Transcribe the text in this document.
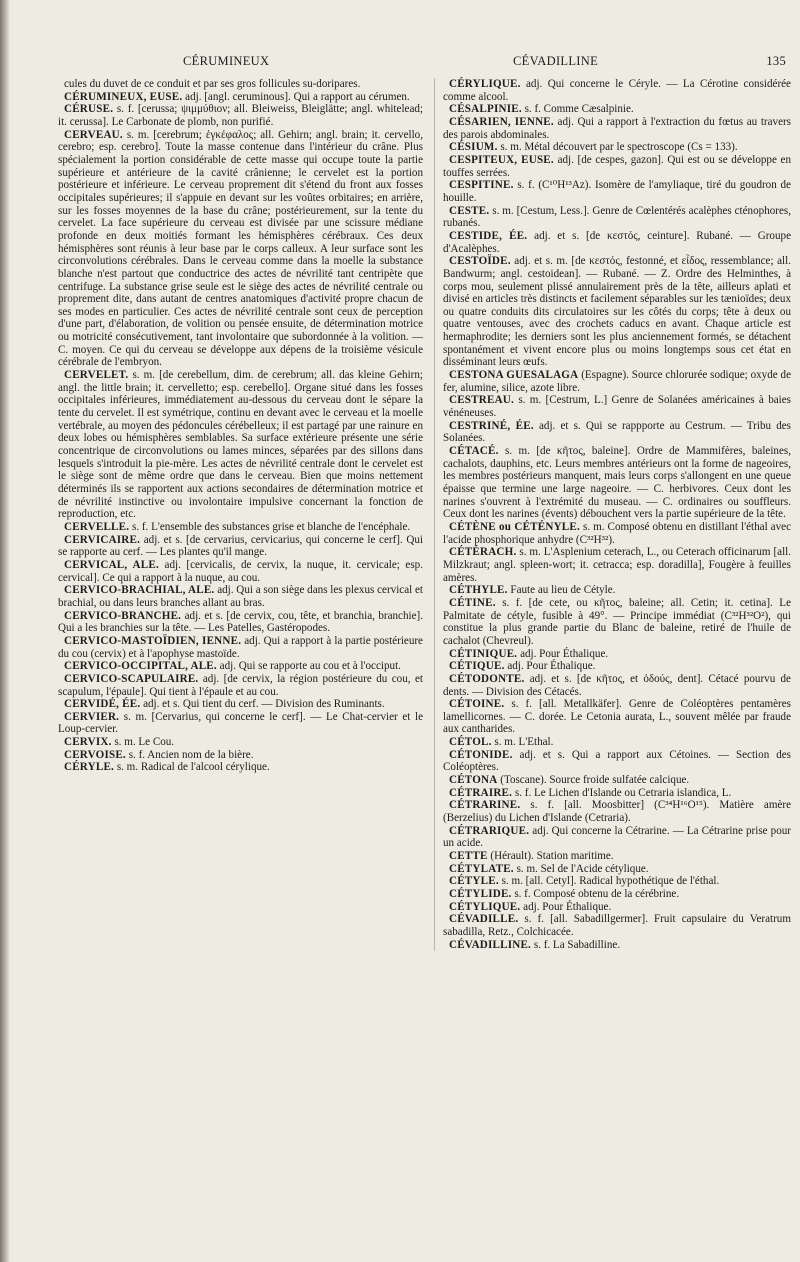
CÉRUMINEUX	CÉVADILLINE	135

cules du duvet de ce conduit et par ses gros follicules su-doripares.

CÉRUMINEUX, EUSE. adj. [angl. ceruminous]. Qui a rapport au cérumen.

CÉRUSE. s. f. [cerussa; ψιμμύθιον; all. Bleiweiss, Bleiglätte; angl. whitelead; it. cerussa]. Le Carbonate de plomb, non purifié.

CERVEAU. s. m. [cerebrum; ἐγκέφαλος; all. Gehirn; angl. brain; it. cervello, cerebro; esp. cerebro]. Toute la masse contenue dans l'intérieur du crâne. Plus spécialement la portion considérable de cette masse qui occupe toute la partie supérieure et antérieure de la cavité crânienne; le cervelet est la portion postérieure et inférieure. Le cerveau proprement dit s'étend du front aux fosses occipitales supérieures; il s'appuie en devant sur les voûtes orbitaires; en arrière, sur les fosses moyennes de la base du crâne; postérieurement, sur la tente du cervelet. La face supérieure du cerveau est divisée par une scissure médiane profonde en deux moitiés formant les hémisphères cérébraux. Ces deux hémisphères sont réunis à leur base par le corps calleux. A leur surface sont les circonvolutions cérébrales. Dans le cerveau comme dans la moelle la substance blanche n'est partout que conductrice des actes de névrilité tant centripète que centrifuge. La substance grise seule est le siège des actes de névrilité centrale ou proprement dite, dans autant de centres anatomiques d'activité propre chacun de ses modes en particulier. Ces actes de névrilité centrale sont ceux de perception d'une part, d'élaboration, de volition ou pensée ensuite, de détermination motrice ou motricité consécutivement, tant involontaire que subordonnée à la volition. — C. moyen. Ce qui du cerveau se développe aux dépens de la troisième vésicule cérébrale de l'embryon.

CERVELET. s. m. [de cerebellum, dim. de cerebrum; all. das kleine Gehirn; angl. the little brain; it. cervelletto; esp. cerebello]. Organe situé dans les fosses occipitales inférieures, immédiatement au-dessous du cerveau dont le sépare la tente du cervelet. Il est symétrique, continu en devant avec le cerveau et la moelle vertébrale, au moyen des pédoncules cérébelleux; il est partagé par une rainure en deux lobes ou hémisphères semblables. Sa surface extérieure présente une série concentrique de circonvolutions ou lames minces, séparées par des sillons dans lesquels s'introduit la pie-mère. Les actes de névrilité centrale dont le cervelet est le siège sont de même ordre que dans le cerveau. Bien que moins nettement déterminés ils se rapportent aux actions secondaires de détermination motrice et de névrilité instinctive ou involontaire impulsive concernant la fonction de reproduction, etc.

CERVELLE. s. f. L'ensemble des substances grise et blanche de l'encéphale.

CERVICAIRE. adj. et s. [de cervarius, cervicarius, qui concerne le cerf]. Qui se rapporte au cerf. — Les plantes qu'il mange.

CERVICAL, ALE. adj. [cervicalis, de cervix, la nuque, it. cervicale; esp. cervical]. Ce qui a rapport à la nuque, au cou.

CERVICO-BRACHIAL, ALE. adj. Qui a son siège dans les plexus cervical et brachial, ou dans leurs branches allant au bras.

CERVICO-BRANCHE. adj. et s. [de cervix, cou, tête, et branchia, branchie]. Qui a les branchies sur la tête. — Les Patelles, Gastéropodes.

CERVICO-MASTOÏDIEN, IENNE. adj. Qui a rapport à la partie postérieure du cou (cervix) et à l'apophyse mastoïde.

CERVICO-OCCIPITAL, ALE. adj. Qui se rapporte au cou et à l'occiput.

CERVICO-SCAPULAIRE. adj. [de cervix, la région postérieure du cou, et scapulum, l'épaule]. Qui tient à l'épaule et au cou.

CERVIDÉ, ÉE. adj. et s. Qui tient du cerf. — Division des Ruminants.

CERVIER. s. m. [Cervarius, qui concerne le cerf]. — Le Chat-cervier et le Loup-cervier.

CERVIX. s. m. Le Cou.

CERVOISE. s. f. Ancien nom de la bière.

CÉRYLE. s. m. Radical de l'alcool cérylique.

CÉRYLIQUE. adj. Qui concerne le Céryle. — La Cérotine considérée comme alcool.

CÉSALPINIE. s. f. Comme Cæsalpinie.

CÉSARIEN, IENNE. adj. Qui a rapport à l'extraction du fœtus au travers des parois abdominales.

CÉSIUM. s. m. Métal découvert par le spectroscope (Cs = 133).

CESPITEUX, EUSE. adj. [de cespes, gazon]. Qui est ou se développe en touffes serrées.

CESPITINE. s. f. (C¹⁰H¹³Az). Isomère de l'amyliaque, tiré du goudron de houille.

CESTE. s. m. [Cestum, Less.]. Genre de Cœlentérés acalèphes cténophores, rubanés.

CESTIDE, ÉE. adj. et s. [de κεστός, ceinture]. Rubané. — Groupe d'Acalèphes.

CESTOÏDE. adj. et s. m. [de κεστός, festonné, et εἶδος, ressemblance; all. Bandwurm; angl. cestoidean]. — Rubané. — Z. Ordre des Helminthes, à corps mou, seulement plissé annulairement près de la tête, ailleurs aplati et divisé en articles très distincts et facilement séparables sur les tænioïdes; deux ou quatre conduits dits circulatoires sur les côtés du corps; tête à deux ou quatre ventouses, avec des crochets caducs en avant. Chaque article est hermaphrodite; les derniers sont les plus anciennement formés, se détachent spontanément et vivent encore plus ou moins longtemps sous cet état en disséminant leurs œufs.

CESTONA GUESALAGA (Espagne). Source chlorurée sodique; oxyde de fer, alumine, silice, azote libre.

CESTREAU. s. m. [Cestrum, L.] Genre de Solanées américaines à baies vénéneuses.

CESTRINÉ, ÉE. adj. et s. Qui se rappporte au Cestrum. — Tribu des Solanées.

CÉTACÉ. s. m. [de κῆτος, baleine]. Ordre de Mammifères, baleines, cachalots, dauphins, etc. Leurs membres antérieurs ont la forme de nageoires, les membres postérieurs manquent, mais leurs corps s'allongent en une queue épaisse que termine une large nageoire. — C. herbivores. Ceux dont les narines s'ouvrent à l'extrémité du museau. — C. ordinaires ou souffleurs. Ceux dont les narines (évents) débouchent vers la partie supérieure de la tête.

CÉTÈNE ou CÉTÉNYLE. s. m. Composé obtenu en distillant l'éthal avec l'acide phosphorique anhydre (C³²H³²).

CÉTÉRACH. s. m. L'Asplenium ceterach, L., ou Ceterach officinarum [all. Milzkraut; angl. spleen-wort; it. cetracca; esp. doradilla], Fougère à feuilles amères.

CÉTHYLE. Faute au lieu de Cétyle.

CÉTINE. s. f. [de cete, ou κῆτος, baleine; all. Cetin; it. cetina]. Le Palmitate de cétyle, fusible à 49°. — Principe immédiat (C³²H³²O²), qui constitue la plus grande partie du Blanc de baleine, retiré de l'huile de cachalot (Chevreul).

CÉTINIQUE. adj. Pour Éthalique.

CÉTIQUE. adj. Pour Éthalique.

CÉTODONTE. adj. et s. [de κῆτος, et ὀδούς, dent]. Cétacé pourvu de dents. — Division des Cétacés.

CÉTOINE. s. f. [all. Metallkäfer]. Genre de Coléoptères pentamères lamellicornes. — C. dorée. Le Cetonia aurata, L., souvent mêlée par fraude aux cantharides.

CÉTOL. s. m. L'Ethal.

CÉTONIDE. adj. et s. Qui a rapport aux Cétoines. — Section des Coléoptères.

CÉTONA (Toscane). Source froide sulfatée calcique.

CÉTRAIRE. s. f. Le Lichen d'Islande ou Cetraria islandica, L.

CÉTRARINE. s. f. [all. Moosbitter] (C³⁴H¹⁶O¹⁵). Matière amère (Berzelius) du Lichen d'Islande (Cetraria).

CÉTRARIQUE. adj. Qui concerne la Cétrarine. — La Cétrarine prise pour un acide.

CETTE (Hérault). Station maritime.

CÉTYLATE. s. m. Sel de l'Acide cétylique.

CÉTYLE. s. m. [all. Cetyl]. Radical hypothétique de l'éthal.

CÉTYLIDE. s. f. Composé obtenu de la cérébrine.

CÉTYLIQUE. adj. Pour Éthalique.

CÉVADILLE. s. f. [all. Sabadillgermer]. Fruit capsulaire du Veratrum sabadilla, Retz., Colchicacée.

CÉVADILLINE. s. f. La Sabadilline.
